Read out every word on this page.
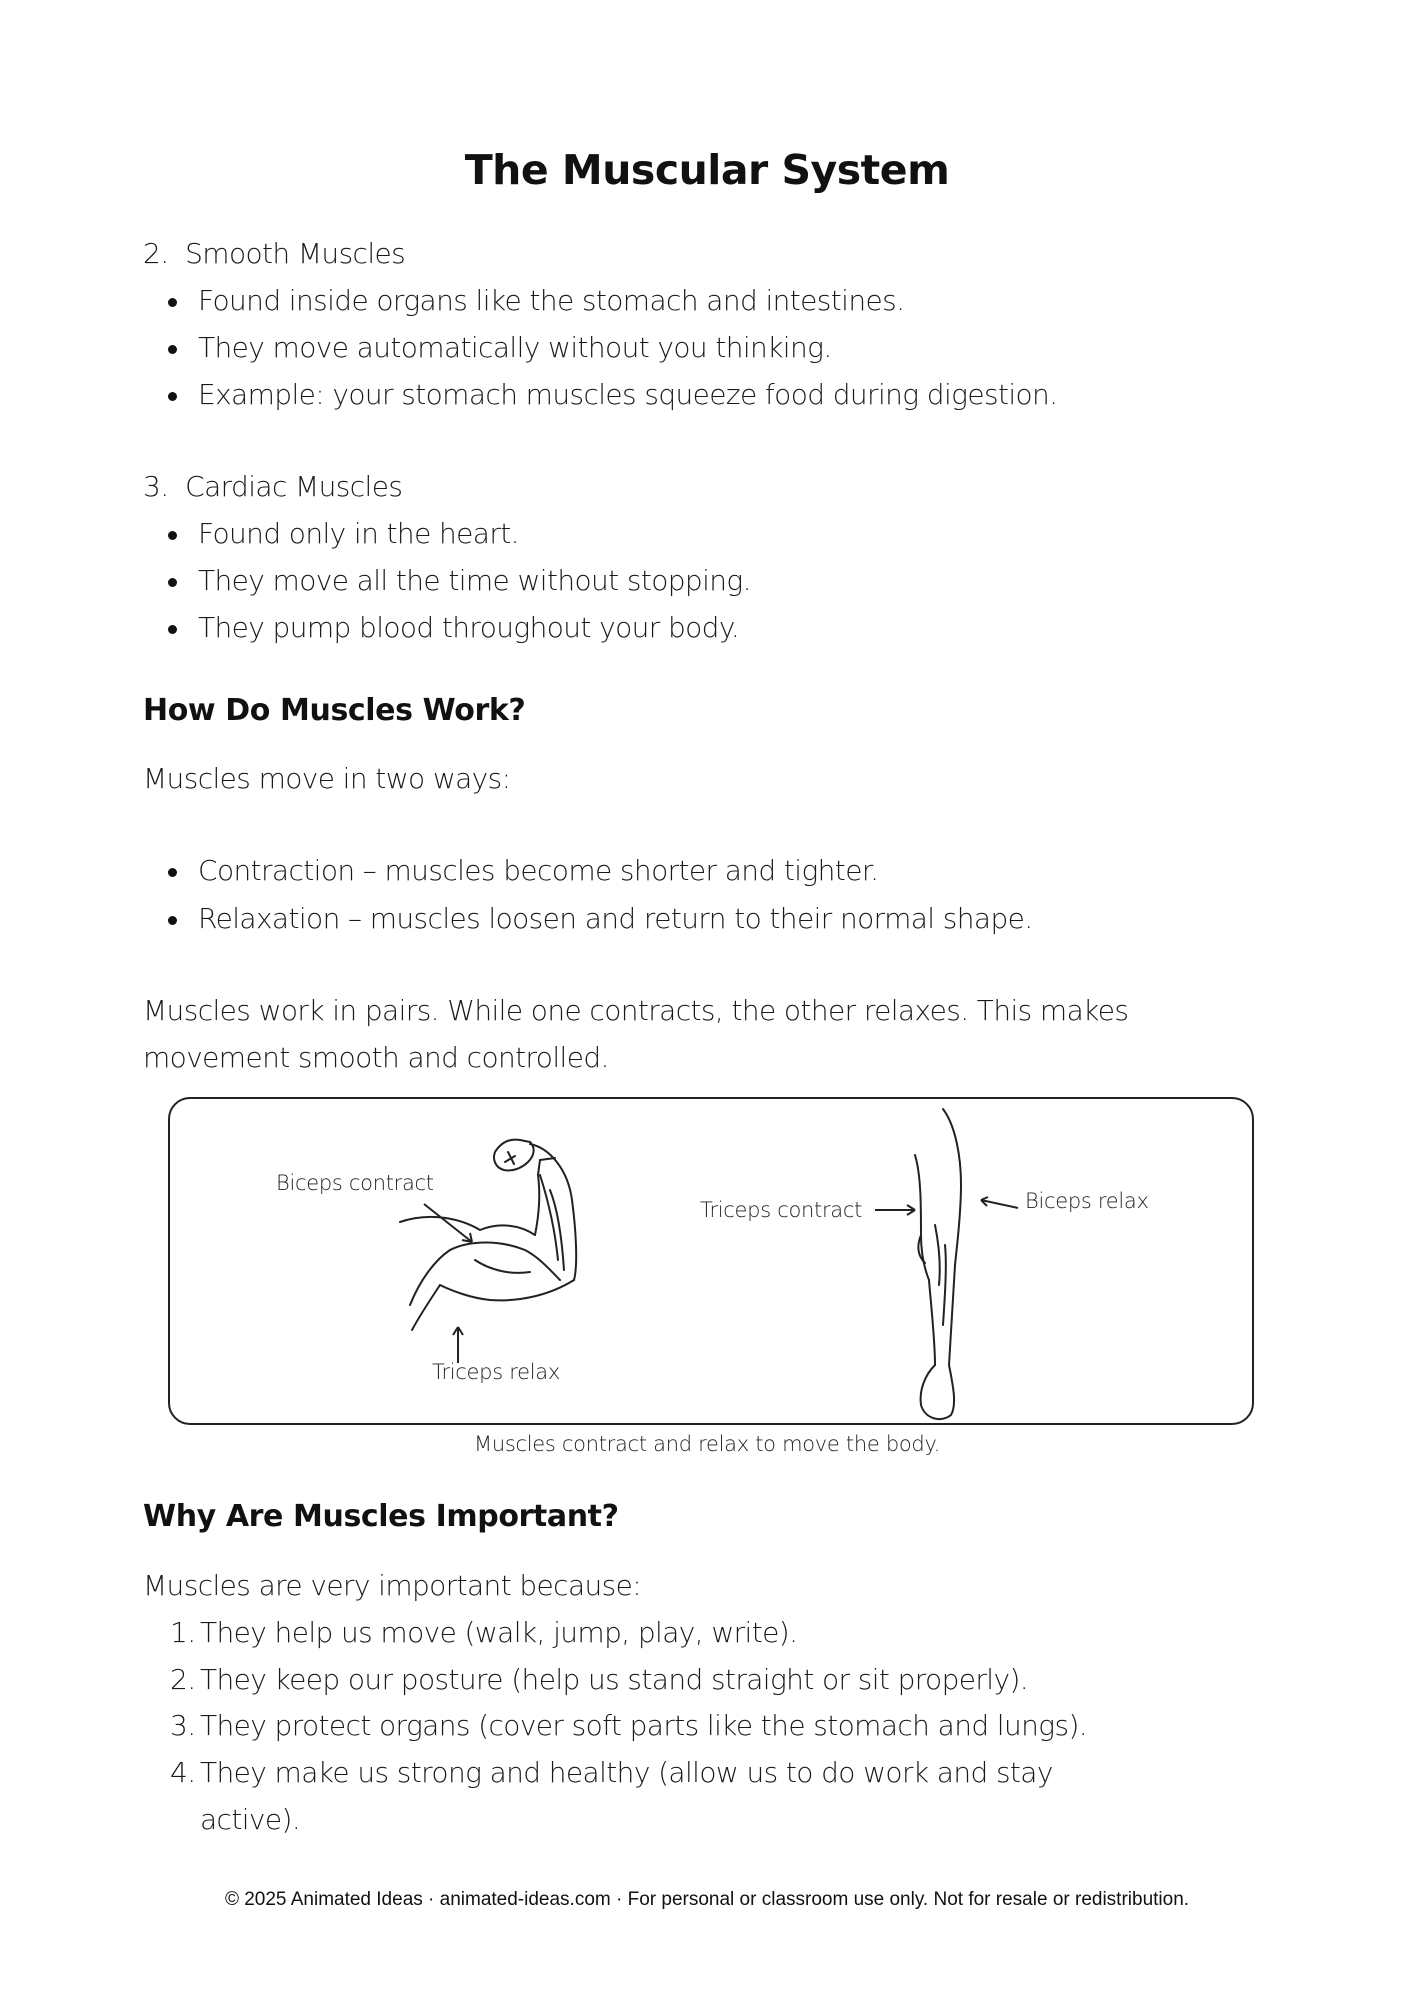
The Muscular System
2. Smooth Muscles
Found inside organs like the stomach and intestines.
They move automatically without you thinking.
Example: your stomach muscles squeeze food during digestion.
3. Cardiac Muscles
Found only in the heart.
They move all the time without stopping.
They pump blood throughout your body.
How Do Muscles Work?
Muscles move in two ways:
Contraction – muscles become shorter and tighter.
Relaxation – muscles loosen and return to their normal shape.
Muscles work in pairs. While one contracts, the other relaxes. This makes
movement smooth and controlled.
Biceps contract
Triceps relax
Triceps contract	Biceps relax
Muscles contract and relax to move the body.
Why Are Muscles Important?
Muscles are very important because:
1. They help us move (walk, jump, play, write).
2. They keep our posture (help us stand straight or sit properly).
3. They protect organs (cover soft parts like the stomach and lungs).
4. They make us strong and healthy (allow us to do work and stay
active).
© 2025 Animated Ideas · animated-ideas.com · For personal or classroom use only. Not for resale or redistribution.
